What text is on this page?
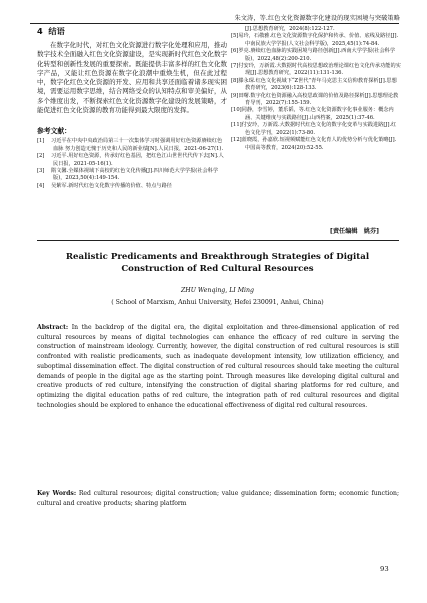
朱文涛，等.红色文化资源数字化建设的现实困境与突破策略
4 结语

在数字化时代，对红色文化资源进行数字化处理和应用，推动数字技术全面融入红色文化资源建设，是实现新时代红色文化数字化转型和创新性发展的重要探索。既能提供丰富多样的红色文化数字产品，又能让红色资源在数字化浪潮中重焕生机，但在此过程中，数字化红色文化资源的开发、应用和共享还面临着诸多现实困境，需要运用数字思维，结合网络受众的认知特点和审美偏好，从多个维度出发，不断探索红色文化资源数字化建设的发展策略，才能促进红色文化资源的教育功能得到最大限度的发挥。

参考文献：

[1] 习近平在中央中央政治局第三十一次集体学习时强调用好红色资源赓续红色血脉 努力创造无愧于历史和人民的新业绩[N].人民日报，2021-06-27(1).

[2] 习近平.用好红色资源，传承好红色基因，把红色江山世世代代传下去[N].人民日报，2021-05-16(1).

[3] 隋文馨.全媒体视域下高校的红色文化传播[J].四川师范大学学报(社会科学版)，2023,50(4):149-154.

[4] 吴紫军.新时代红色文化数字传播的价值、特点与路径

[J].思想教育研究，2024(8):122-127.

[5]易玲，石敬雅.红色文化资源数字化保护和传承、价值、底线及路径[J].中南民族大学学报(人文社会科学版)，2025,45(1):74-84.

[6]罗亮.赓续红色血脉的实践困境与路径创新[J].西南大学学报(社会科学版)，2022,48(2):200-210.

[7]付安玲，万新霞.大数据时代高校思想政治理论课红色文化传承功能的实现[J].思想教育研究，2022(11):131-136.

[8]滕永琛.红色文化视域下“Z世代”青年马克思主义信仰教育探析[J].思想教育研究，2023(6):128-133.

[9]田曙.数字化红色资源融入高校思政课的价值及路径探析[J].思想理论教育导刊，2022(7):155-159.

[10]同静，李雪婷，董乐韬，等.红色文化资源数字化事业服务：概念内涵、关键维度与实践路径[J].山西档案，2025(1):37-46.

[11]付安玲，万新霞.大数据时代红色文化的数字化变革与实践进路[J].红色文化学刊，2022(1):73-80.

[12]蓝晓霞，孙嘉欣.短视频赋能红色文化育人的优势分析与优化策略[J].中国高等教育，2024(20):52-55.

[责任编辑　姚芬]
Realistic Predicaments and Breakthrough Strategies of Digital Construction of Red Cultural Resources
ZHU Wenqing, LI Ming
( School of Marxism, Anhui University, Hefei 230091, Anhui, China)

Abstract: In the backdrop of the digital era, the digital exploitation and three-dimensional application of red cultural resources by means of digital technologies can enhance the efficacy of red culture in serving the construction of mainstream ideology. Currently, however, the digital construction of red cultural resources is still confronted with realistic predicaments, such as inadequate development intensity, low utilization efficiency, and suboptimal dissemination effect. The digital construction of red cultural resources should take meeting the cultural demands of people in the digital age as the starting point. Through measures like developing digital cultural and creative products of red culture, intensifying the construction of digital sharing platforms for red culture, and optimizing the digital education paths of red culture, the integration path of red cultural resources and digital technologies should be explored to enhance the educational effectiveness of digital red cultural resources.

Key Words: Red cultural resources; digital construction; value guidance; dissemination form; economic function; cultural and creative products; sharing platform

93
